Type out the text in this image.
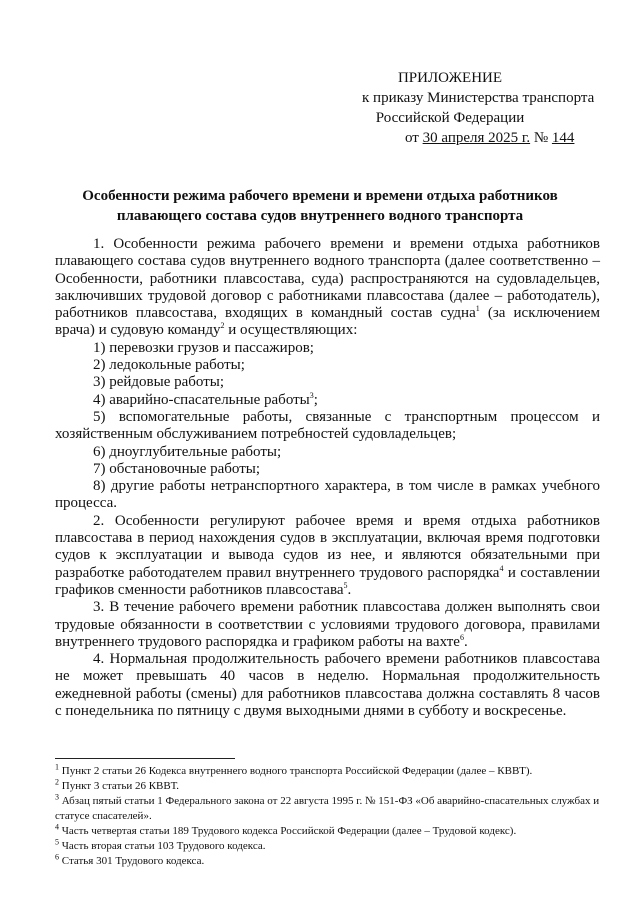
ПРИЛОЖЕНИЕ
к приказу Министерства транспорта
Российской Федерации
от 30 апреля 2025 г. № 144
Особенности режима рабочего времени и времени отдыха работников
плавающего состава судов внутреннего водного транспорта

1. Особенности режима рабочего времени и времени отдыха работников плавающего состава судов внутреннего водного транспорта (далее соответственно – Особенности, работники плавсостава, суда) распространяются на судовладельцев, заключивших трудовой договор с работниками плавсостава (далее – работодатель), работников плавсостава, входящих в командный состав судна$^1$ (за исключением врача) и судовую команду$^2$ и осуществляющих:

1) перевозки грузов и пассажиров;

2) ледокольные работы;

3) рейдовые работы;

4) аварийно-спасательные работы$^3$;

5) вспомогательные работы, связанные с транспортным процессом и хозяйственным обслуживанием потребностей судовладельцев;

6) дноуглубительные работы;

7) обстановочные работы;

8) другие работы нетранспортного характера, в том числе в рамках учебного процесса.

2. Особенности регулируют рабочее время и время отдыха работников плавсостава в период нахождения судов в эксплуатации, включая время подготовки судов к эксплуатации и вывода судов из нее, и являются обязательными при разработке работодателем правил внутреннего трудового распорядка$^4$ и составлении графиков сменности работников плавсостава$^5$.

3. В течение рабочего времени работник плавсостава должен выполнять свои трудовые обязанности в соответствии с условиями трудового договора, правилами внутреннего трудового распорядка и графиком работы на вахте$^6$.

4. Нормальная продолжительность рабочего времени работников плавсостава не может превышать 40 часов в неделю. Нормальная продолжительность ежедневной работы (смены) для работников плавсостава должна составлять 8 часов с понедельника по пятницу с двумя выходными днями в субботу и воскресенье.

$^1$ Пункт 2 статьи 26 Кодекса внутреннего водного транспорта Российской Федерации (далее – КВВТ).
$^2$ Пункт 3 статьи 26 КВВТ.
$^3$ Абзац пятый статьи 1 Федерального закона от 22 августа 1995 г. № 151-ФЗ «Об аварийно-спасательных службах и статусе спасателей».
$^4$ Часть четвертая статьи 189 Трудового кодекса Российской Федерации (далее – Трудовой кодекс).
$^5$ Часть вторая статьи 103 Трудового кодекса.
$^6$ Статья 301 Трудового кодекса.
